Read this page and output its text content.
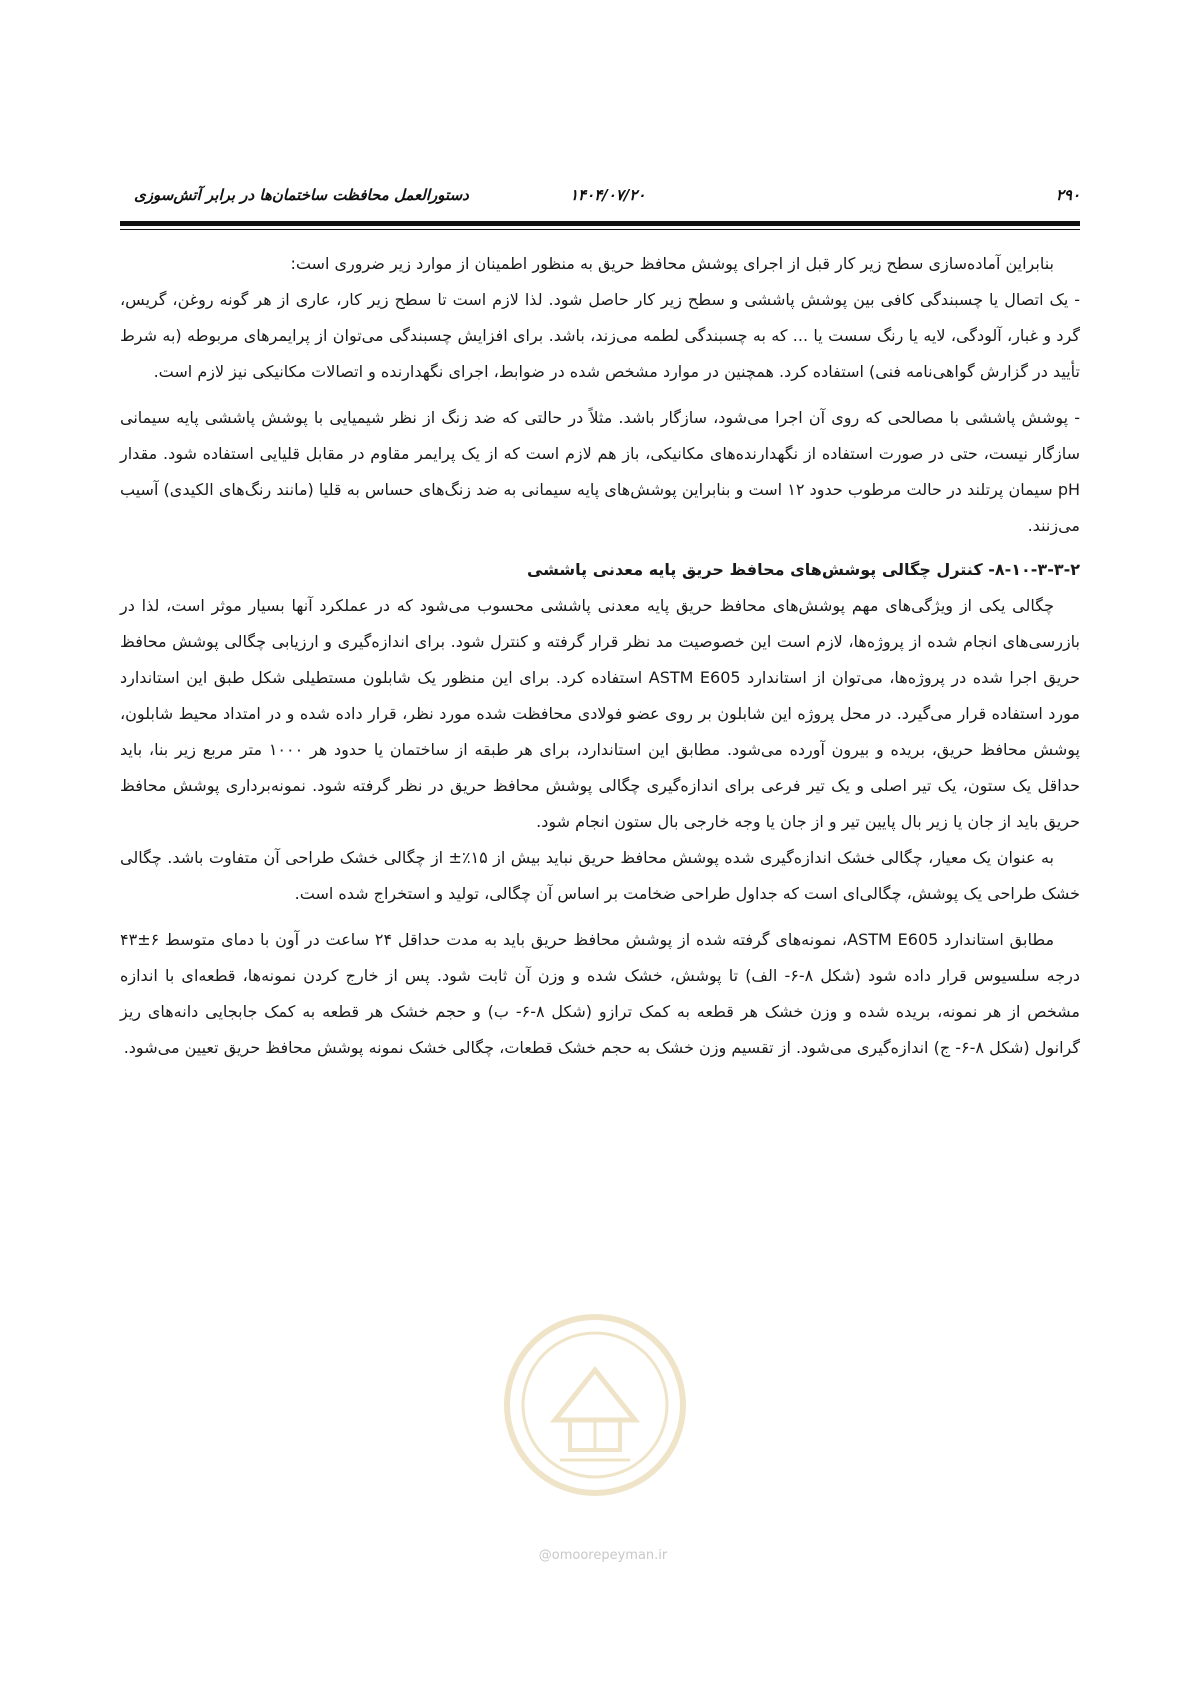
۲۹۰
۱۴۰۴/۰۷/۲۰
دستورالعمل محافظت ساختمان‌ها در برابر آتش‌سوزی

بنابراین آماده‌سازی سطح زیر کار قبل از اجرای پوشش محافظ حریق به منظور اطمینان از موارد زیر ضروری است:

- یک اتصال یا چسبندگی کافی بین پوشش پاششی و سطح زیر کار حاصل شود. لذا لازم است تا سطح زیر کار، عاری از هر گونه روغن، گریس، گرد و غبار، آلودگی، لایه یا رنگ سست یا ... که به چسبندگی لطمه می‌زند، باشد. برای افزایش چسبندگی می‌توان از پرایمرهای مربوطه (به شرط تأیید در گزارش گواهی‌نامه فنی) استفاده کرد. همچنین در موارد مشخص شده در ضوابط، اجرای نگهدارنده و اتصالات مکانیکی نیز لازم است.

- پوشش پاششی با مصالحی که روی آن اجرا می‌شود، سازگار باشد. مثلاً در حالتی که ضد زنگ از نظر شیمیایی با پوشش پاششی پایه سیمانی سازگار نیست، حتی در صورت استفاده از نگهدارنده‌های مکانیکی، باز هم لازم است که از یک پرایمر مقاوم در مقابل قلیایی استفاده شود. مقدار pH سیمان پرتلند در حالت مرطوب حدود ۱۲ است و بنابراین پوشش‌های پایه سیمانی به ضد زنگ‌های حساس به قلیا (مانند رنگ‌های الکیدی) آسیب می‌زنند.

۸-۱۰-۳-۳-۲- کنترل چگالی پوشش‌های محافظ حریق پایه معدنی پاششی

چگالی یکی از ویژگی‌های مهم پوشش‌های محافظ حریق پایه معدنی پاششی محسوب می‌شود که در عملکرد آنها بسیار موثر است، لذا در بازرسی‌های انجام شده از پروژه‌ها، لازم است این خصوصیت مد نظر قرار گرفته و کنترل شود. برای اندازه‌گیری و ارزیابی چگالی پوشش محافظ حریق اجرا شده در پروژه‌ها، می‌توان از استاندارد ASTM E605 استفاده کرد. برای این منظور یک شابلون مستطیلی شکل طبق این استاندارد مورد استفاده قرار می‌گیرد. در محل پروژه این شابلون بر روی عضو فولادی محافظت شده مورد نظر، قرار داده شده و در امتداد محیط شابلون، پوشش محافظ حریق، بریده و بیرون آورده می‌شود. مطابق این استاندارد، برای هر طبقه از ساختمان یا حدود هر ۱۰۰۰ متر مربع زیر بنا، باید حداقل یک ستون، یک تیر اصلی و یک تیر فرعی برای اندازه‌گیری چگالی پوشش محافظ حریق در نظر گرفته شود. نمونه‌برداری پوشش محافظ حریق باید از جان یا زیر بال پایین تیر و از جان یا وجه خارجی بال ستون انجام شود.

به عنوان یک معیار، چگالی خشک اندازه‌گیری شده پوشش محافظ حریق نباید بیش از ۱۵٪± از چگالی خشک طراحی آن متفاوت باشد. چگالی خشک طراحی یک پوشش، چگالی‌ای است که جداول طراحی ضخامت بر اساس آن چگالی، تولید و استخراج شده است.

مطابق استاندارد ASTM E605، نمونه‌های گرفته شده از پوشش محافظ حریق باید به مدت حداقل ۲۴ ساعت در آون با دمای متوسط ۶±۴۳ درجه سلسیوس قرار داده شود (شکل ۸-۶- الف) تا پوشش، خشک شده و وزن آن ثابت شود. پس از خارج کردن نمونه‌ها، قطعه‌ای با اندازه مشخص از هر نمونه، بریده شده و وزن خشک هر قطعه به کمک ترازو (شکل ۸-۶- ب) و حجم خشک هر قطعه به کمک جابجایی دانه‌های ریز گرانول (شکل ۸-۶- ج) اندازه‌گیری می‌شود. از تقسیم وزن خشک به حجم خشک قطعات، چگالی خشک نمونه پوشش محافظ حریق تعیین می‌شود.

@omoorepeyman.ir
